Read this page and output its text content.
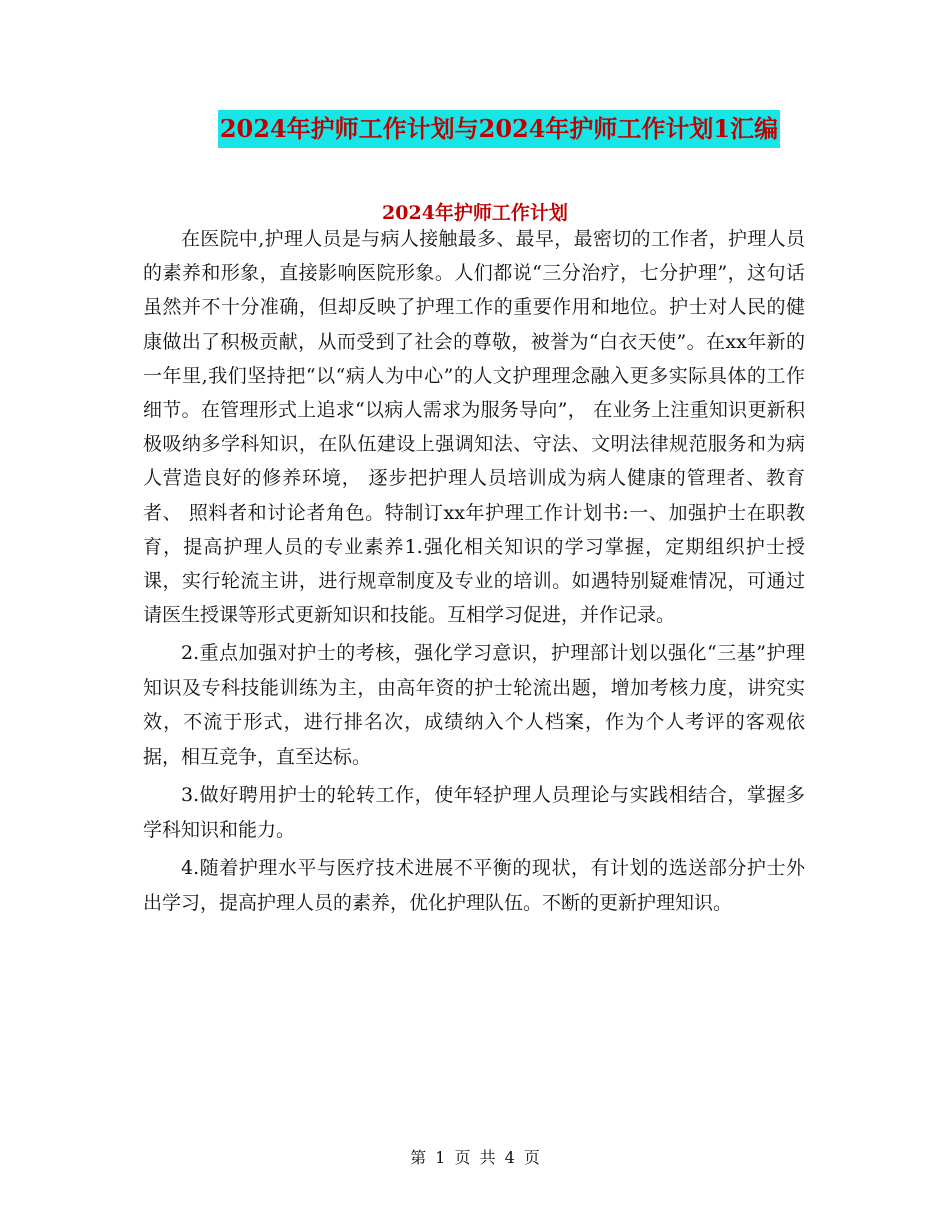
2024年护师工作计划与2024年护师工作计划1汇编
2024年护师工作计划

在医院中,护理人员是与病人接触最多、最早，最密切的工作者，护理人员的素养和形象，直接影响医院形象。人们都说“三分治疗，七分护理”，这句话虽然并不十分准确，但却反映了护理工作的重要作用和地位。护士对人民的健康做出了积极贡献，从而受到了社会的尊敬，被誉为“白衣天使”。在xx年新的一年里,我们坚持把“以“病人为中心”的人文护理理念融入更多实际具体的工作细节。在管理形式上追求“以病人需求为服务导向”， 在业务上注重知识更新积极吸纳多学科知识，在队伍建设上强调知法、守法、文明法律规范服务和为病人营造良好的修养环境， 逐步把护理人员培训成为病人健康的管理者、教育者、 照料者和讨论者角色。特制订xx年护理工作计划书:一、加强护士在职教育，提高护理人员的专业素养1.强化相关知识的学习掌握，定期组织护士授课，实行轮流主讲，进行规章制度及专业的培训。如遇特别疑难情况，可通过请医生授课等形式更新知识和技能。互相学习促进，并作记录。

2.重点加强对护士的考核，强化学习意识，护理部计划以强化“三基”护理知识及专科技能训练为主，由高年资的护士轮流出题，增加考核力度，讲究实效，不流于形式，进行排名次，成绩纳入个人档案，作为个人考评的客观依据，相互竞争，直至达标。

3.做好聘用护士的轮转工作，使年轻护理人员理论与实践相结合，掌握多学科知识和能力。

4.随着护理水平与医疗技术进展不平衡的现状，有计划的选送部分护士外出学习，提高护理人员的素养，优化护理队伍。不断的更新护理知识。

第 1 页 共 4 页
